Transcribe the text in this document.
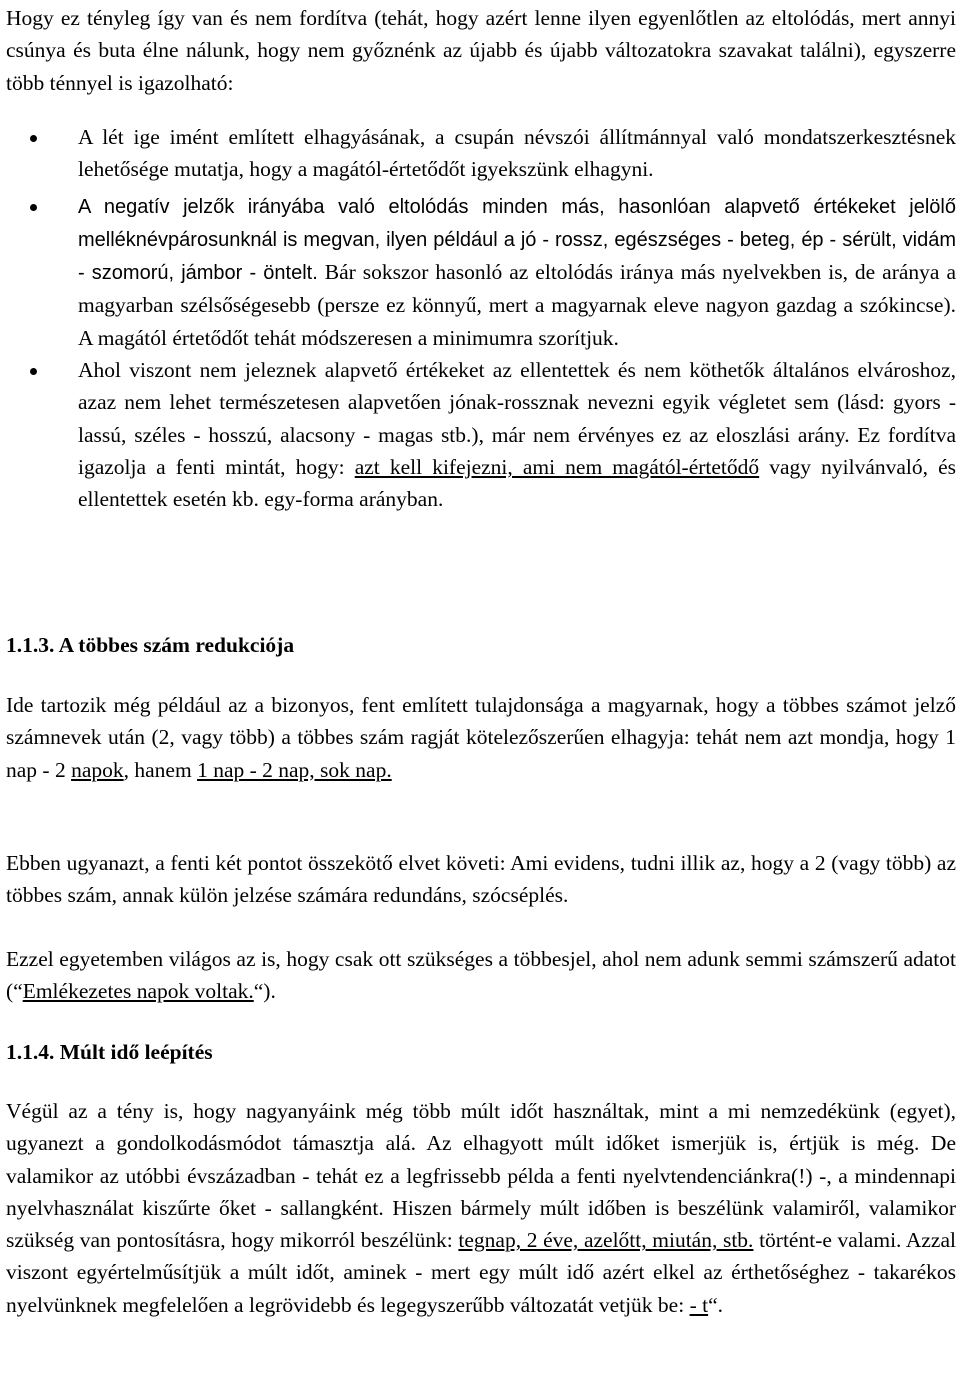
Hogy ez tényleg így van és nem fordítva (tehát, hogy azért lenne ilyen egyenlőtlen az eltolódás, mert annyi csúnya és buta élne nálunk, hogy nem győznénk az újabb és újabb változatokra szavakat találni), egyszerre több ténnyel is igazolható:

A lét ige imént említett elhagyásának, a csupán névszói állítmánnyal való mondatszerkesztésnek lehetősége mutatja, hogy a magától-értetődőt igyekszünk elhagyni.

A negatív jelzők irányába való eltolódás minden más, hasonlóan alapvető értékeket jelölő melléknévpárosunknál is megvan, ilyen például a jó - rossz, egészséges - beteg, ép - sérült, vidám - szomorú, jámbor - öntelt. Bár sokszor hasonló az eltolódás iránya más nyelvekben is, de aránya a magyarban szélsőségesebb (persze ez könnyű, mert a magyarnak eleve nagyon gazdag a szókincse). A magától értetődőt tehát módszeresen a minimumra szorítjuk.

Ahol viszont nem jeleznek alapvető értékeket az ellentettek és nem köthetők általános elvároshoz, azaz nem lehet természetesen alapvetően jónak-rossznak nevezni egyik végletet sem (lásd: gyors - lassú, széles - hosszú, alacsony - magas stb.), már nem érvényes ez az eloszlási arány. Ez fordítva igazolja a fenti mintát, hogy: azt kell kifejezni, ami nem magától-értetődő vagy nyilvánvaló, és ellentettek esetén kb. egy-forma arányban.

1.1.3. A többes szám redukciója

Ide tartozik még például az a bizonyos, fent említett tulajdonsága a magyarnak, hogy a többes számot jelző számnevek után (2, vagy több) a többes szám ragját kötelezőszerűen elhagyja: tehát nem azt mondja, hogy 1 nap - 2 napok, hanem 1 nap - 2 nap, sok nap.

Ebben ugyanazt, a fenti két pontot összekötő elvet követi: Ami evidens, tudni illik az, hogy a 2 (vagy több) az többes szám, annak külön jelzése számára redundáns, szócséplés.

Ezzel egyetemben világos az is, hogy csak ott szükséges a többesjel, ahol nem adunk semmi számszerű adatot (“Emlékezetes napok voltak.“).

1.1.4. Múlt idő leépítés

Végül az a tény is, hogy nagyanyáink még több múlt időt használtak, mint a mi nemzedékünk (egyet), ugyanezt a gondolkodásmódot támasztja alá. Az elhagyott múlt időket ismerjük is, értjük is még. De valamikor az utóbbi évszázadban - tehát ez a legfrissebb példa a fenti nyelvtendenciánkra(!) -, a mindennapi nyelvhasználat kiszűrte őket - sallangként. Hiszen bármely múlt időben is beszélünk valamiről, valamikor szükség van pontosításra, hogy mikorról beszélünk: tegnap, 2 éve, azelőtt, miután, stb. történt-e valami. Azzal viszont egyértelműsítjük a múlt időt, aminek - mert egy múlt idő azért elkel az érthetőséghez - takarékos nyelvünknek megfelelően a legrövidebb és legegyszerűbb változatát vetjük be: - t“.
